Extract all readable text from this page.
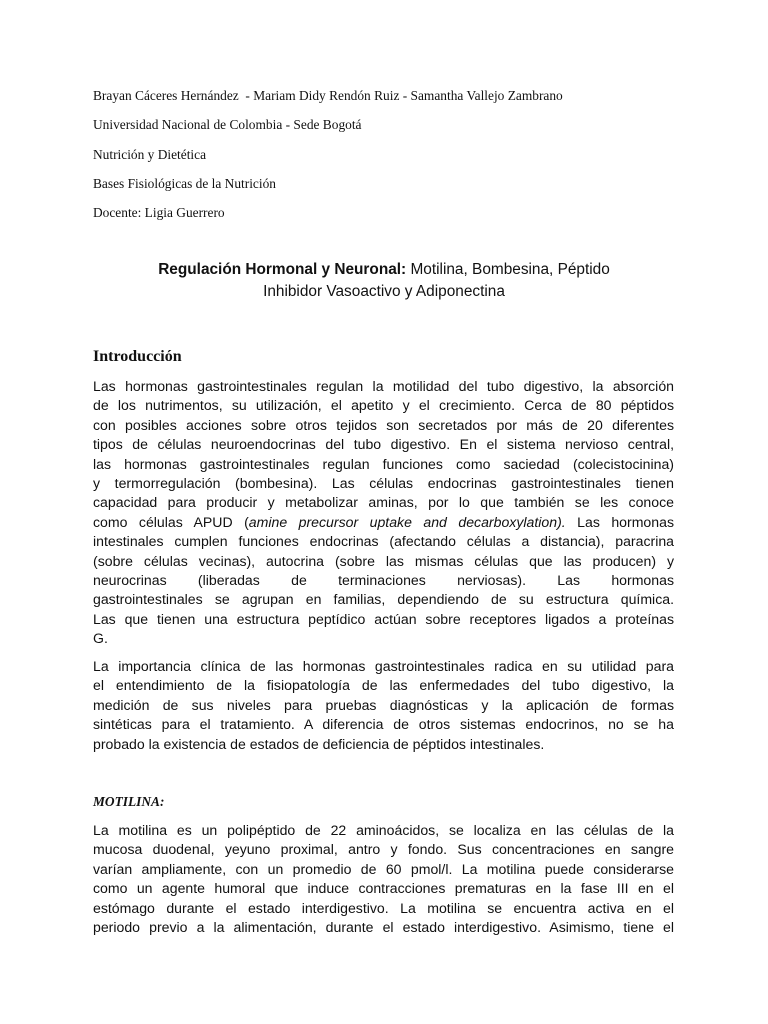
Brayan Cáceres Hernández  - Mariam Didy Rendón Ruiz - Samantha Vallejo Zambrano
Universidad Nacional de Colombia - Sede Bogotá
Nutrición y Dietética
Bases Fisiológicas de la Nutrición
Docente: Ligia Guerrero
Regulación Hormonal y Neuronal: Motilina, Bombesina, Péptido
Inhibidor Vasoactivo y Adiponectina
Introducción
Las hormonas gastrointestinales regulan la motilidad del tubo digestivo, la absorción
de los nutrimentos, su utilización, el apetito y el crecimiento. Cerca de 80 péptidos
con posibles acciones sobre otros tejidos son secretados por más de 20 diferentes
tipos de células neuroendocrinas del tubo digestivo. En el sistema nervioso central,
las hormonas gastrointestinales regulan funciones como saciedad (colecistocinina)
y termorregulación (bombesina). Las células endocrinas gastrointestinales tienen
capacidad para producir y metabolizar aminas, por lo que también se les conoce
como células APUD (amine precursor uptake and decarboxylation). Las hormonas
intestinales cumplen funciones endocrinas (afectando células a distancia), paracrina
(sobre células vecinas), autocrina (sobre las mismas células que las producen) y
neurocrinas (liberadas de terminaciones nerviosas). Las hormonas
gastrointestinales se agrupan en familias, dependiendo de su estructura química.
Las que tienen una estructura peptídico actúan sobre receptores ligados a proteínas
G.
La importancia clínica de las hormonas gastrointestinales radica en su utilidad para
el entendimiento de la fisiopatología de las enfermedades del tubo digestivo, la
medición de sus niveles para pruebas diagnósticas y la aplicación de formas
sintéticas para el tratamiento. A diferencia de otros sistemas endocrinos, no se ha
probado la existencia de estados de deficiencia de péptidos intestinales.
MOTILINA:
La motilina es un polipéptido de 22 aminoácidos, se localiza en las células de la
mucosa duodenal, yeyuno proximal, antro y fondo. Sus concentraciones en sangre
varían ampliamente, con un promedio de 60 pmol/l. La motilina puede considerarse
como un agente humoral que induce contracciones prematuras en la fase III en el
estómago durante el estado interdigestivo. La motilina se encuentra activa en el
periodo previo a la alimentación, durante el estado interdigestivo. Asimismo, tiene el
